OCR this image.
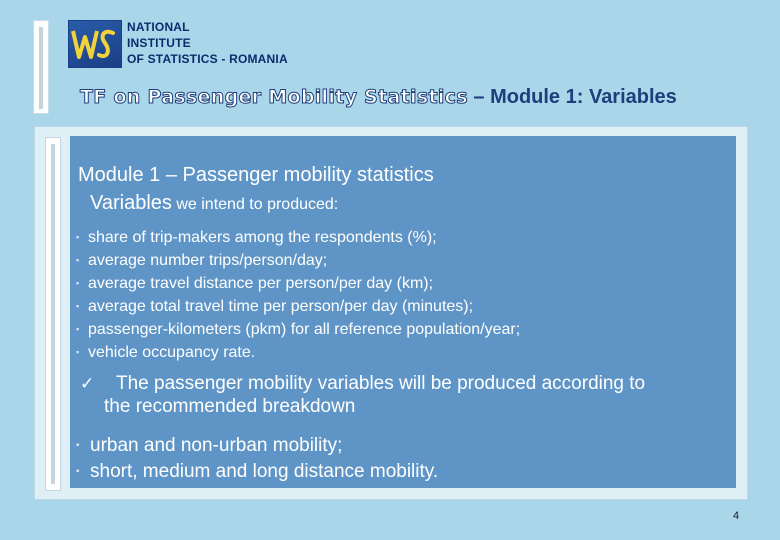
NATIONAL
INSTITUTE
OF STATISTICS - ROMANIA
TF on Passenger Mobility Statistics – Module 1: Variables
Module 1 – Passenger mobility statistics
Variables we intend to produced:
▪ share of trip-makers among the respondents (%);
▪ average number trips/person/day;
▪ average travel distance per person/per day (km);
▪ average total travel time per person/per day (minutes);
▪ passenger-kilometers (pkm) for all reference population/year;
▪ vehicle occupancy rate.
✓	The passenger mobility variables will be produced according to
the recommended breakdown
▪ urban and non-urban mobility;
▪ short, medium and long distance mobility.
4
